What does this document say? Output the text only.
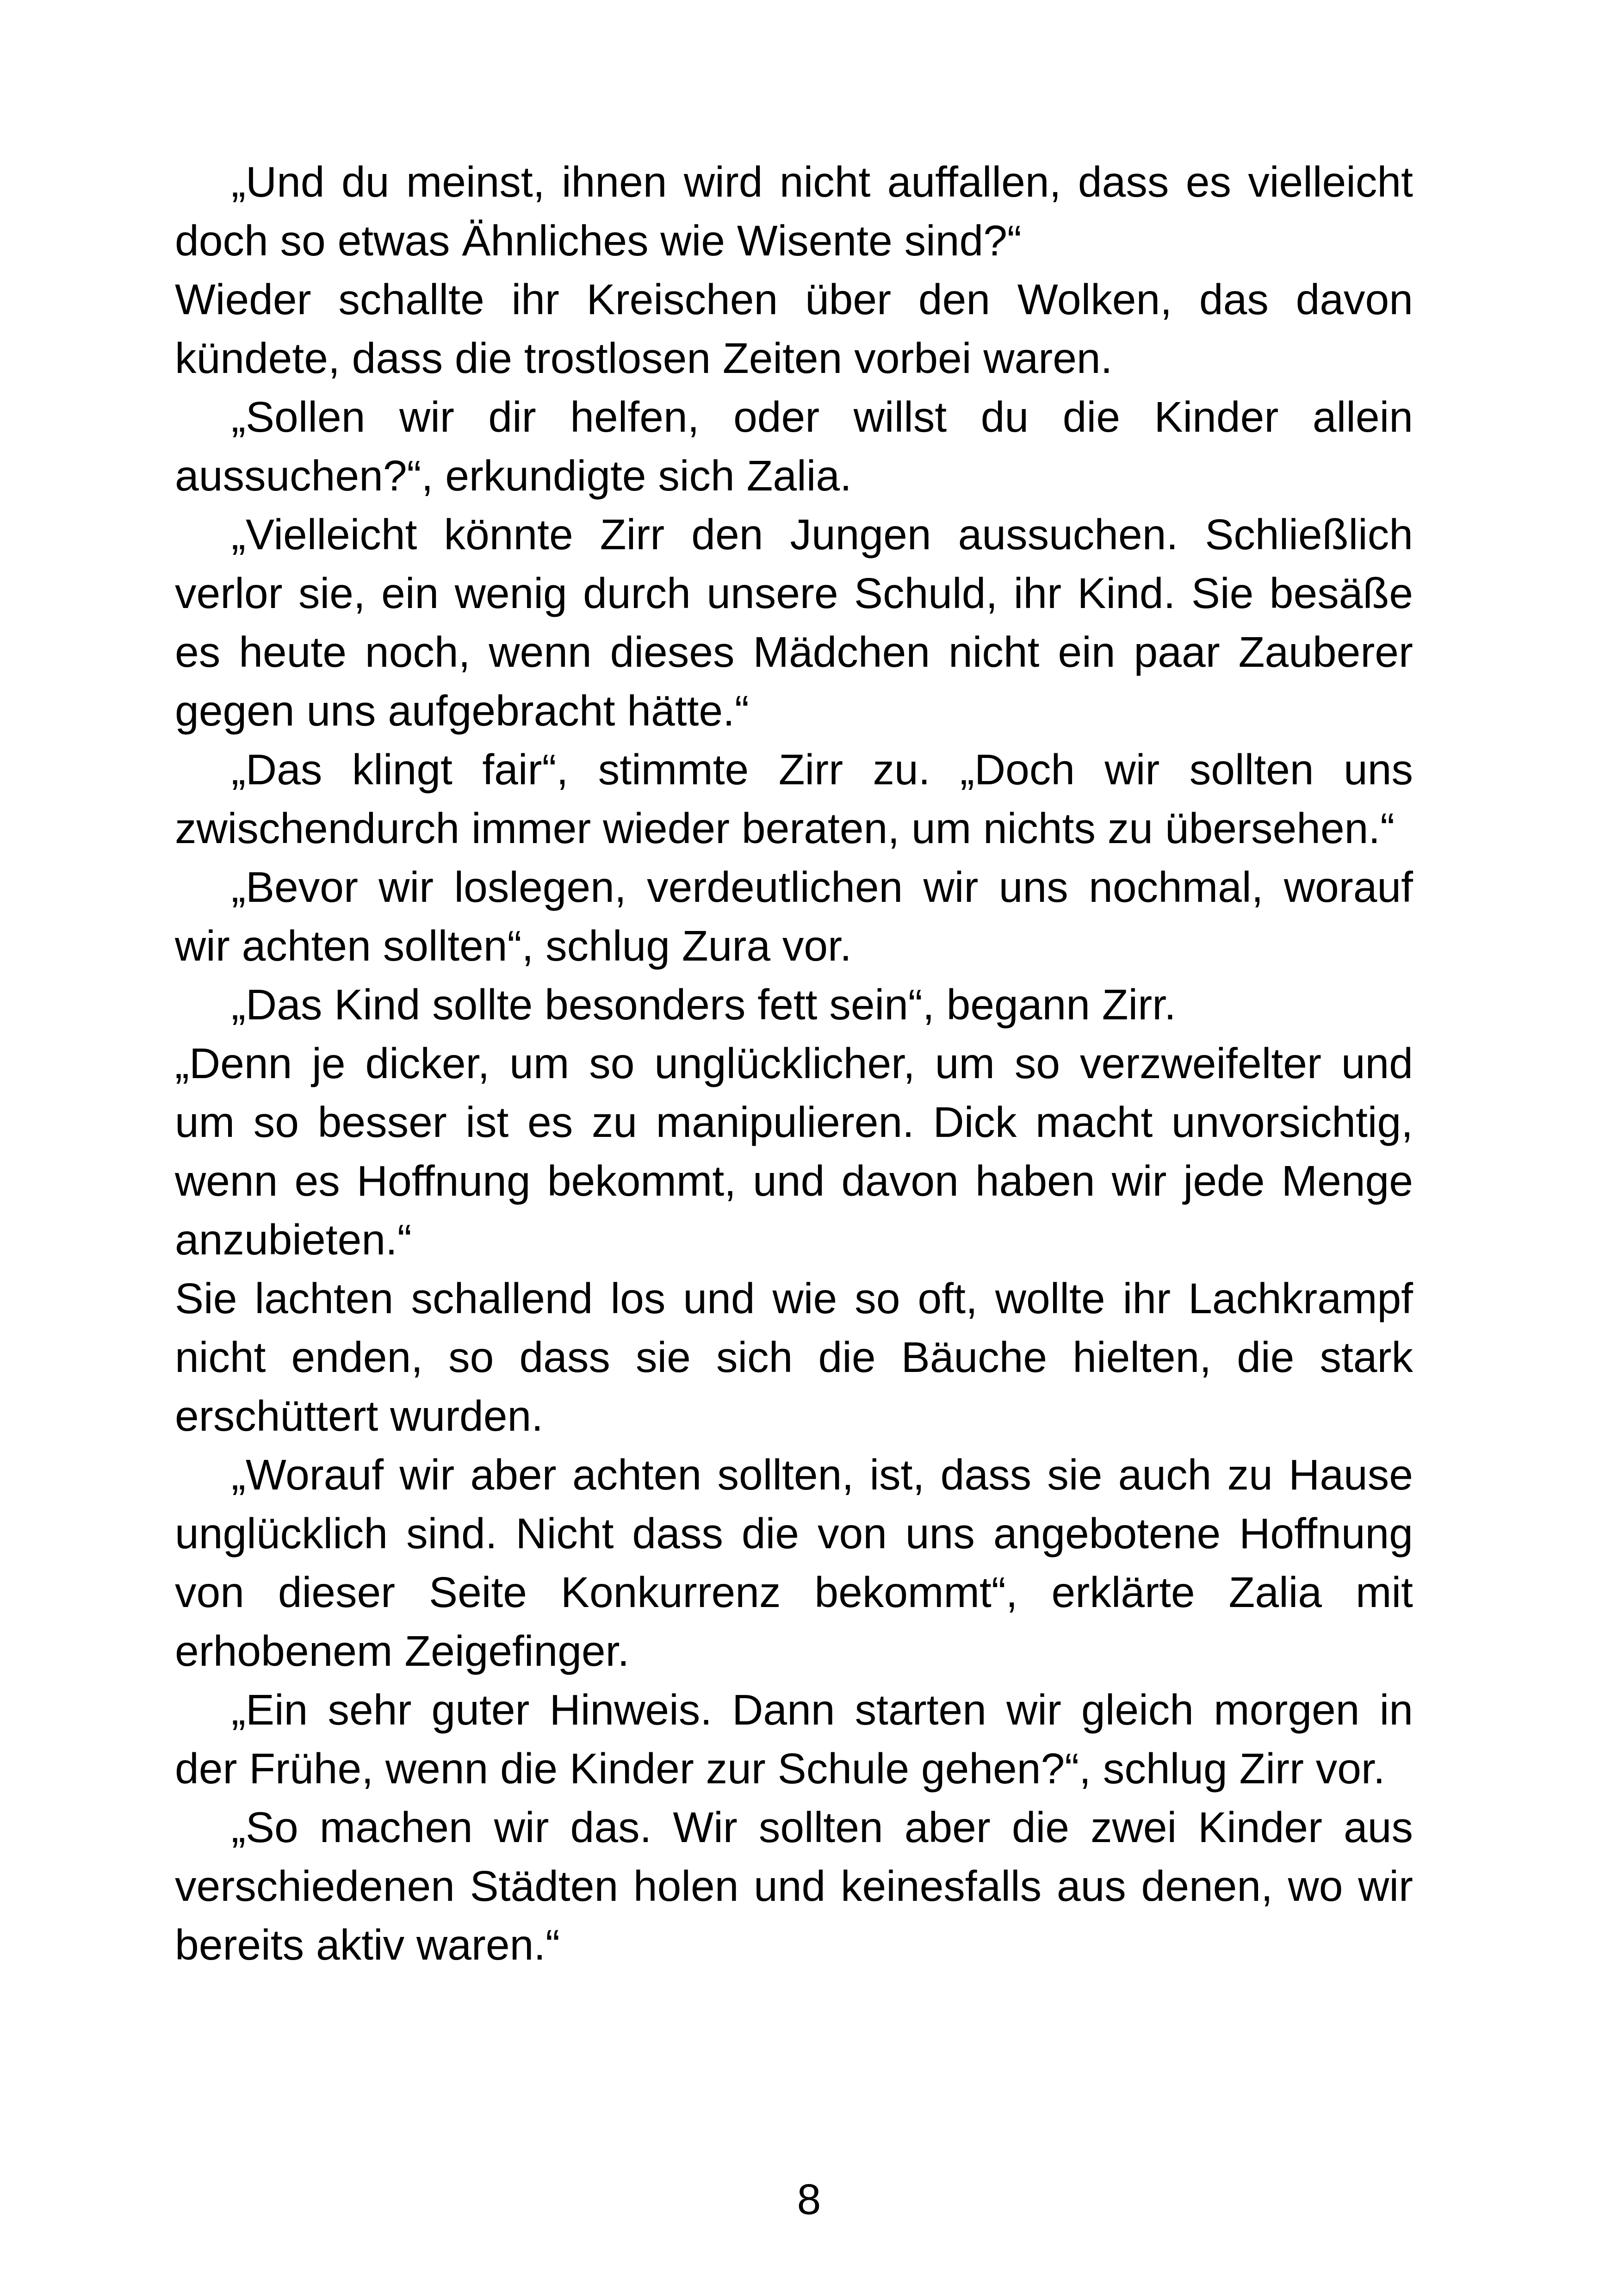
„Und du meinst, ihnen wird nicht auffallen, dass es vielleicht doch so etwas Ähnliches wie Wisente sind?“

Wieder schallte ihr Kreischen über den Wolken, das davon kündete, dass die trostlosen Zeiten vorbei waren.

„Sollen wir dir helfen, oder willst du die Kinder allein aussuchen?“, erkundigte sich Zalia.

„Vielleicht könnte Zirr den Jungen aussuchen. Schließlich verlor sie, ein wenig durch unsere Schuld, ihr Kind. Sie besäße es heute noch, wenn dieses Mädchen nicht ein paar Zauberer gegen uns aufgebracht hätte.“

„Das klingt fair“, stimmte Zirr zu. „Doch wir sollten uns zwischendurch immer wieder beraten, um nichts zu übersehen.“

„Bevor wir loslegen, verdeutlichen wir uns nochmal, worauf wir achten sollten“, schlug Zura vor.

„Das Kind sollte besonders fett sein“, begann Zirr.

„Denn je dicker, um so unglücklicher, um so verzweifelter und um so besser ist es zu manipulieren. Dick macht unvorsichtig, wenn es Hoffnung bekommt, und davon haben wir jede Menge anzubieten.“

Sie lachten schallend los und wie so oft, wollte ihr Lachkrampf nicht enden, so dass sie sich die Bäuche hielten, die stark erschüttert wurden.

„Worauf wir aber achten sollten, ist, dass sie auch zu Hause unglücklich sind. Nicht dass die von uns angebotene Hoffnung von dieser Seite Konkurrenz bekommt“, erklärte Zalia mit erhobenem Zeigefinger.

„Ein sehr guter Hinweis. Dann starten wir gleich morgen in der Frühe, wenn die Kinder zur Schule gehen?“, schlug Zirr vor.

„So machen wir das. Wir sollten aber die zwei Kinder aus verschiedenen Städten holen und keinesfalls aus denen, wo wir bereits aktiv waren.“

8
